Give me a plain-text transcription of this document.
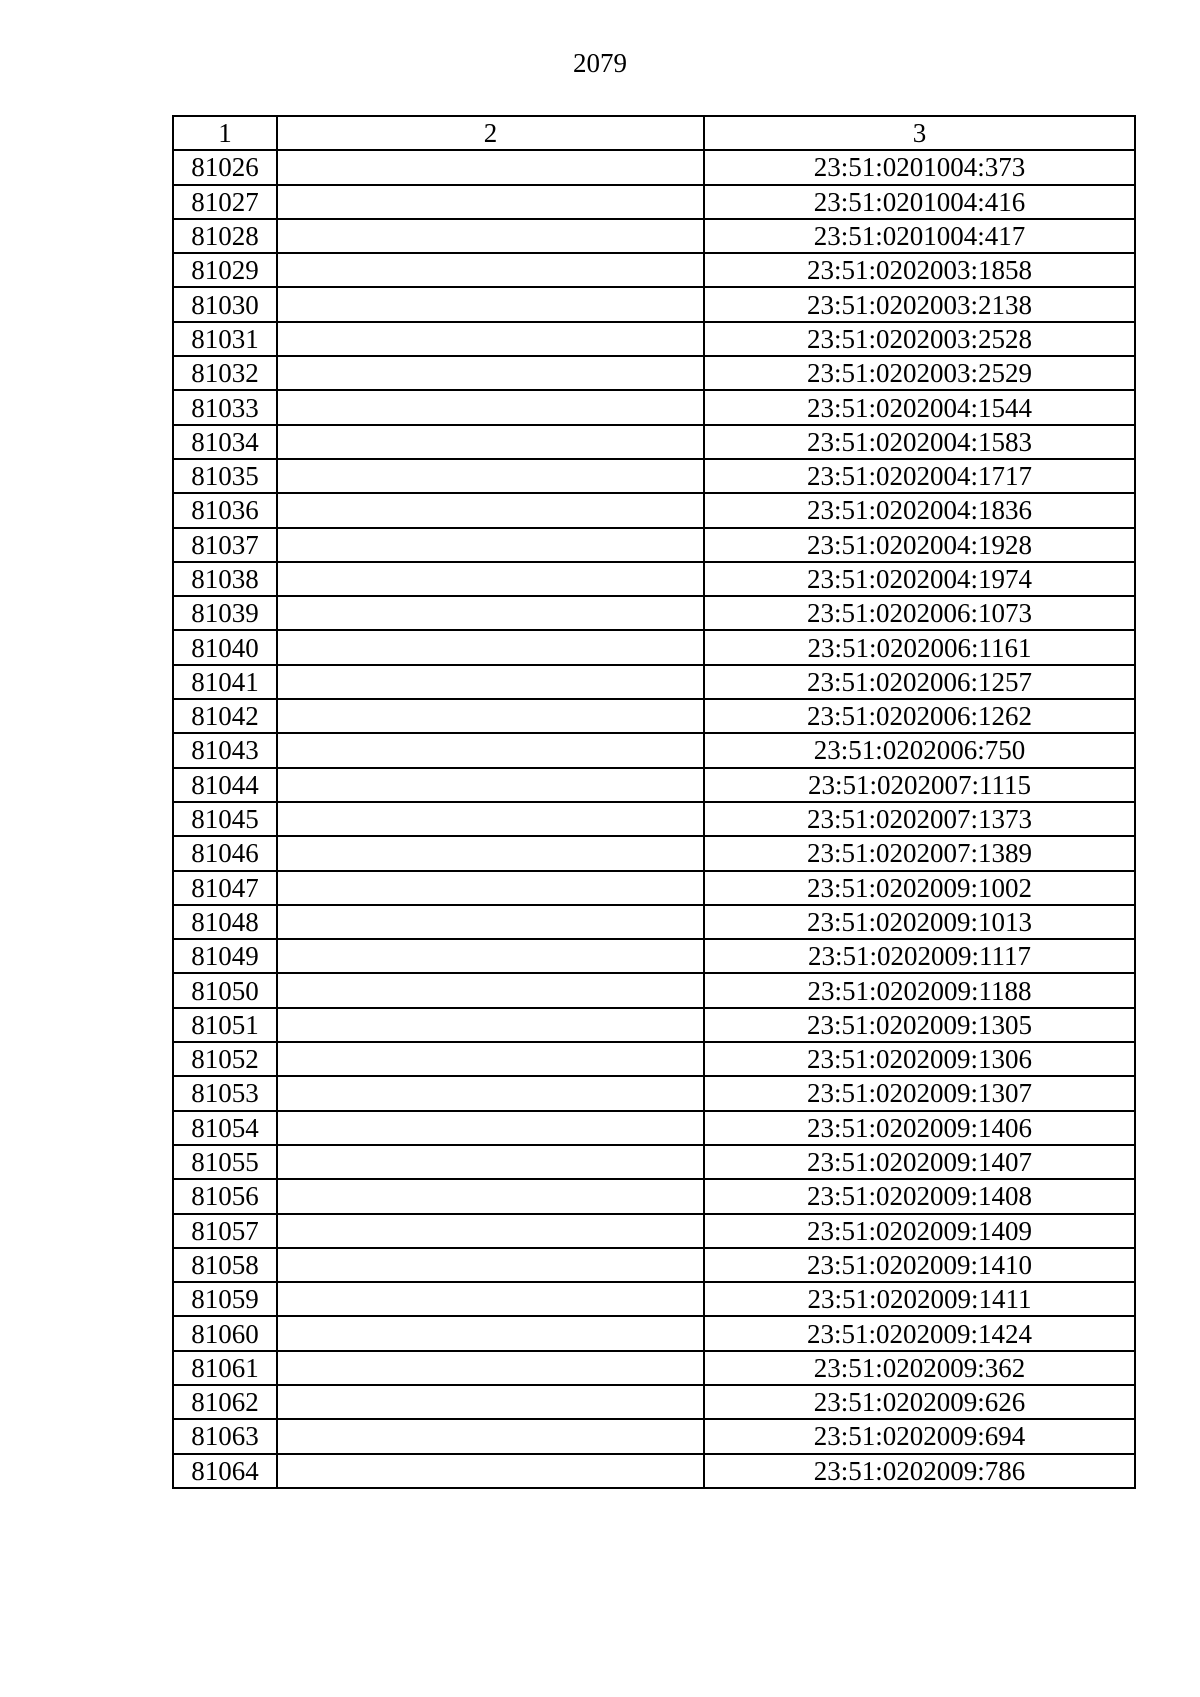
2079
1	2	3
81026		23:51:0201004:373
81027		23:51:0201004:416
81028		23:51:0201004:417
81029		23:51:0202003:1858
81030		23:51:0202003:2138
81031		23:51:0202003:2528
81032		23:51:0202003:2529
81033		23:51:0202004:1544
81034		23:51:0202004:1583
81035		23:51:0202004:1717
81036		23:51:0202004:1836
81037		23:51:0202004:1928
81038		23:51:0202004:1974
81039		23:51:0202006:1073
81040		23:51:0202006:1161
81041		23:51:0202006:1257
81042		23:51:0202006:1262
81043		23:51:0202006:750
81044		23:51:0202007:1115
81045		23:51:0202007:1373
81046		23:51:0202007:1389
81047		23:51:0202009:1002
81048		23:51:0202009:1013
81049		23:51:0202009:1117
81050		23:51:0202009:1188
81051		23:51:0202009:1305
81052		23:51:0202009:1306
81053		23:51:0202009:1307
81054		23:51:0202009:1406
81055		23:51:0202009:1407
81056		23:51:0202009:1408
81057		23:51:0202009:1409
81058		23:51:0202009:1410
81059		23:51:0202009:1411
81060		23:51:0202009:1424
81061		23:51:0202009:362
81062		23:51:0202009:626
81063		23:51:0202009:694
81064		23:51:0202009:786
